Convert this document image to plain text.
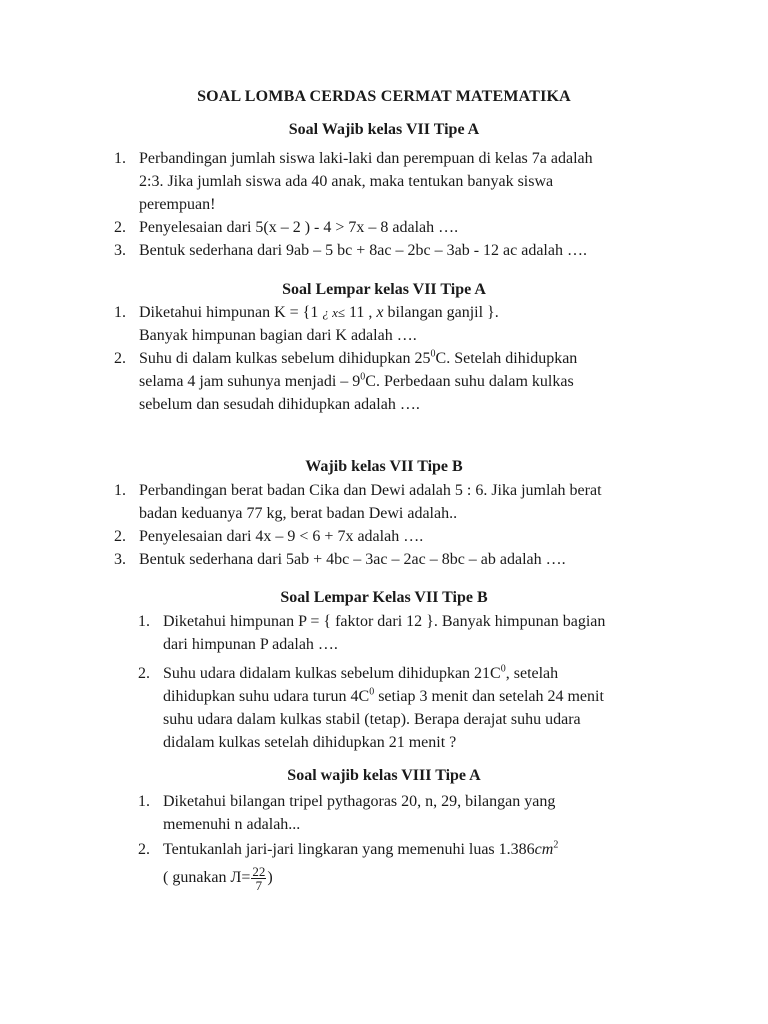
SOAL LOMBA CERDAS CERMAT MATEMATIKA
Soal Wajib kelas VII Tipe A
1. Perbandingan jumlah siswa laki-laki dan perempuan di kelas 7a adalah
2:3. Jika jumlah siswa ada 40 anak, maka tentukan banyak siswa
perempuan!
2. Penyelesaian dari 5(x – 2 ) - 4 > 7x – 8 adalah ….
3. Bentuk sederhana dari 9ab – 5 bc + 8ac – 2bc – 3ab - 12 ac adalah ….
Soal Lempar kelas VII Tipe A
1. Diketahui himpunan K = {1 ¿ x≤ 11 , x bilangan ganjil }.
Banyak himpunan bagian dari K adalah ….
2. Suhu di dalam kulkas sebelum dihidupkan $25^0C$. Setelah dihidupkan
selama 4 jam suhunya menjadi – $9^0C$. Perbedaan suhu dalam kulkas
sebelum dan sesudah dihidupkan adalah ….
Wajib kelas VII Tipe B
1. Perbandingan berat badan Cika dan Dewi adalah 5 : 6. Jika jumlah berat
badan keduanya 77 kg, berat badan Dewi adalah..
2. Penyelesaian dari 4x – 9 < 6 + 7x adalah ….
3. Bentuk sederhana dari 5ab + 4bc – 3ac – 2ac – 8bc – ab adalah ….
Soal Lempar Kelas VII Tipe B
1. Diketahui himpunan P = { faktor dari 12 }. Banyak himpunan bagian
dari himpunan P adalah ….
2. Suhu udara didalam kulkas sebelum dihidupkan $21C^0$, setelah
dihidupkan suhu udara turun $4C^0$ setiap 3 menit dan setelah 24 menit
suhu udara dalam kulkas stabil (tetap). Berapa derajat suhu udara
didalam kulkas setelah dihidupkan 21 menit ?
Soal wajib kelas VIII Tipe A
1. Diketahui bilangan tripel pythagoras 20, n, 29, bilangan yang
memenuhi n adalah...
2. Tentukanlah jari-jari lingkaran yang memenuhi luas $1.386cm^2$
( gunakan $Л= \frac{22}{7}$ )
